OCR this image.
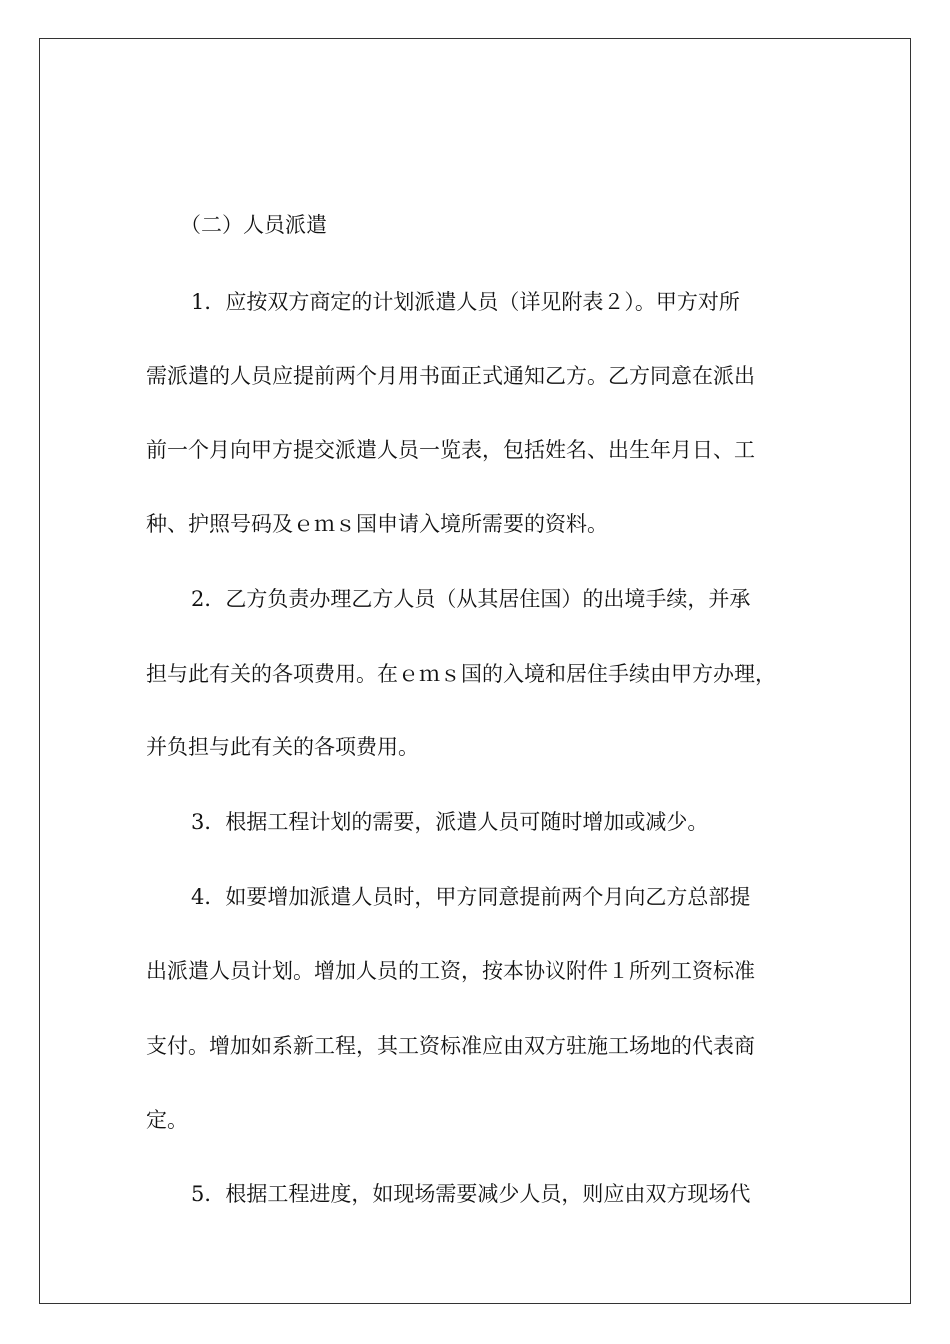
（二）人员派遣
1．应按双方商定的计划派遣人员（详见附表２）。甲方对所
需派遣的人员应提前两个月用书面正式通知乙方。乙方同意在派出
前一个月向甲方提交派遣人员一览表，包括姓名、出生年月日、工
种、护照号码及ｅｍｓ国申请入境所需要的资料。
2．乙方负责办理乙方人员（从其居住国）的出境手续，并承
担与此有关的各项费用。在ｅｍｓ国的入境和居住手续由甲方办理，
并负担与此有关的各项费用。
3．根据工程计划的需要，派遣人员可随时增加或减少。
4．如要增加派遣人员时，甲方同意提前两个月向乙方总部提
出派遣人员计划。增加人员的工资，按本协议附件１所列工资标准
支付。增加如系新工程，其工资标准应由双方驻施工场地的代表商
定。
5．根据工程进度，如现场需要减少人员，则应由双方现场代
